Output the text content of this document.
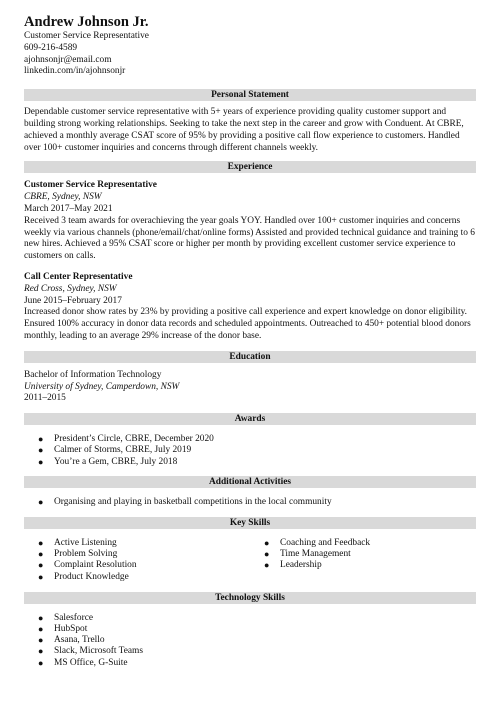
Andrew Johnson Jr.
Customer Service Representative
609-216-4589
ajohnsonjr@email.com
linkedin.com/in/ajohnsonjr
Personal Statement

Dependable customer service representative with 5+ years of experience providing quality customer support and building strong working relationships. Seeking to take the next step in the career and grow with Conduent. At CBRE, achieved a monthly average CSAT score of 95% by providing a positive call flow experience to customers. Handled over 100+ customer inquiries and concerns through different channels weekly.

Experience
Customer Service Representative
CBRE, Sydney, NSW
March 2017–May 2021

Received 3 team awards for overachieving the year goals YOY. Handled over 100+ customer inquiries and concerns weekly via various channels (phone/email/chat/online forms) Assisted and provided technical guidance and training to 6 new hires. Achieved a 95% CSAT score or higher per month by providing excellent customer service experience to customers on calls.

Call Center Representative
Red Cross, Sydney, NSW
June 2015–February 2017

Increased donor show rates by 23% by providing a positive call experience and expert knowledge on donor eligibility. Ensured 100% accuracy in donor data records and scheduled appointments. Outreached to 450+ potential blood donors monthly, leading to an average 29% increase of the donor base.

Education
Bachelor of Information Technology
University of Sydney, Camperdown, NSW
2011–2015
Awards
● President’s Circle, CBRE, December 2020
● Calmer of Storms, CBRE, July 2019
● You’re a Gem, CBRE, July 2018
Additional Activities
● Organising and playing in basketball competitions in the local community
Key Skills
● Active Listening
● Problem Solving
● Complaint Resolution
● Product Knowledge
● Coaching and Feedback
● Time Management
● Leadership
Technology Skills
● Salesforce
● HubSpot
● Asana, Trello
● Slack, Microsoft Teams
● MS Office, G-Suite
